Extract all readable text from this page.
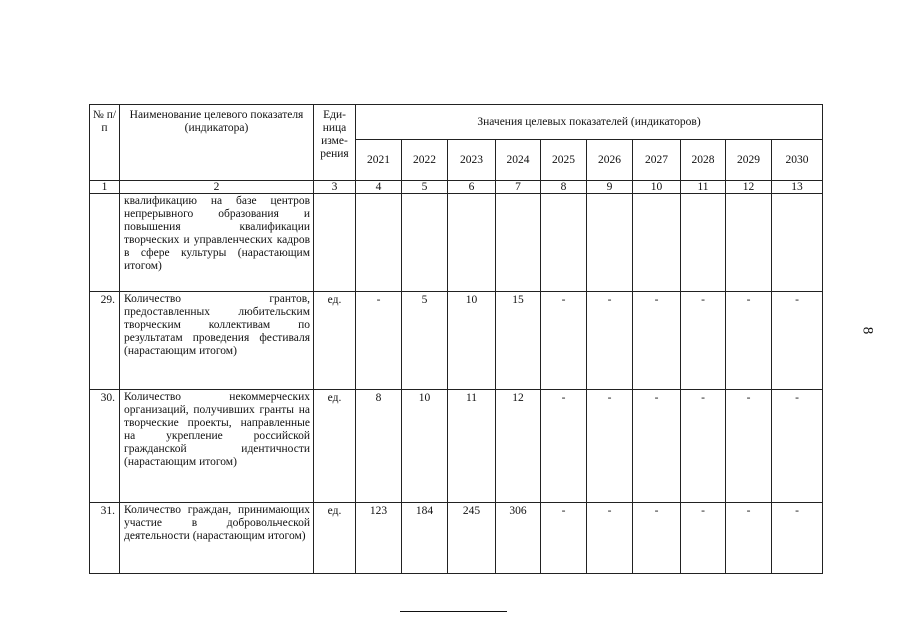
№ п/п	Наименование целевого показателя (индикатора)	Еди-ница изме-рения	Значения целевых показателей (индикаторов)									
			2021	2022	2023	2024	2025	2026	2027	2028	2029	2030
1	2	3	4	5	6	7	8	9	10	11	12	13
	квалификацию на базе центров непрерывного образования и повышения квалификации творческих и управленческих кадров в сфере культуры (нарастающим итогом)											
29.	Количество грантов, предоставленных любительским творческим коллективам по результатам проведения фестиваля (нарастающим итогом)	ед.	-	5	10	15	-	-	-	-	-	-
30.	Количество некоммерческих организаций, получивших гранты на творческие проекты, направленные на укрепление российской гражданской идентичности (нарастающим итогом)	ед.	8	10	11	12	-	-	-	-	-	-
31.	Количество граждан, принимающих участие в добровольческой деятельности (нарастающим итогом)	ед.	123	184	245	306	-	-	-	-	-	-
8
